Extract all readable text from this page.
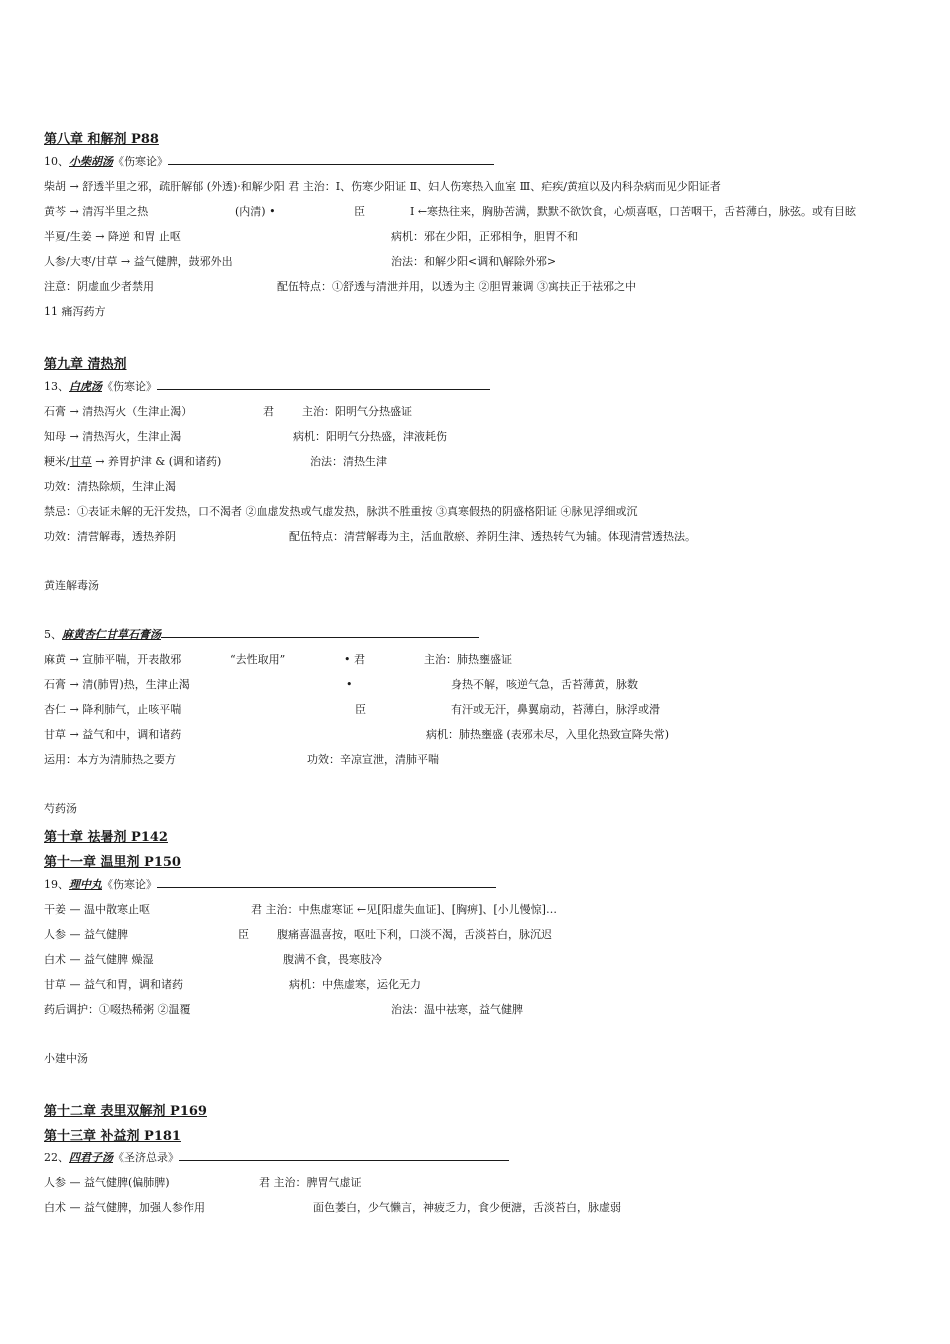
第八章 和解剂 P88
10、小柴胡汤《伤寒论》
柴胡 → 舒透半里之邪，疏肝解郁 (外透)·和解少阳 君 主治：Ⅰ、伤寒少阳证 Ⅱ、妇人伤寒热入血室 Ⅲ、疟疾/黄疸以及内科杂病而见少阳证者
黄芩 → 清泻半里之热	(内清) •	臣	Ⅰ ←寒热往来，胸胁苦满，默默不欲饮食，心烦喜呕，口苦咽干，舌苔薄白，脉弦。或有目眩
半夏/生姜 → 降逆 和胃 止呕	病机：邪在少阳，正邪相争，胆胃不和
人参/大枣/甘草 → 益气健脾，鼓邪外出	治法：和解少阳<调和\解除外邪>
注意：阴虚血少者禁用	配伍特点：①舒透与清泄并用，以透为主 ②胆胃兼调 ③寓扶正于祛邪之中
11 痛泻药方
第九章 清热剂
13、白虎汤《伤寒论》
石膏 → 清热泻火（生津止渴）	君	主治：阳明气分热盛证
知母 → 清热泻火，生津止渴	病机：阳明气分热盛，津液耗伤
粳米/甘草 → 养胃护津 & (调和诸药)	治法：清热生津
功效：清热除烦，生津止渴
禁忌：①表证未解的无汗发热，口不渴者 ②血虚发热或气虚发热，脉洪不胜重按 ③真寒假热的阴盛格阳证 ④脉见浮细或沉
功效：清营解毒，透热养阴	配伍特点：清营解毒为主，活血散瘀、养阴生津、透热转气为辅。体现清营透热法。
黄连解毒汤
5、麻黄杏仁甘草石膏汤
麻黄 → 宣肺平喘，开表散邪	“去性取用”	• 君	主治：肺热壅盛证
石膏 → 清(肺胃)热，生津止渴	•	身热不解，咳逆气急，舌苔薄黄，脉数
杏仁 → 降利肺气，止咳平喘	臣	有汗或无汗，鼻翼扇动，苔薄白，脉浮或滑
甘草 → 益气和中，调和诸药	病机：肺热壅盛 (表邪未尽，入里化热致宣降失常)
运用：本方为清肺热之要方	功效：辛凉宣泄，清肺平喘
芍药汤
第十章 祛暑剂 P142
第十一章 温里剂 P150
19、理中丸《伤寒论》
干姜 — 温中散寒止呕	君 主治：中焦虚寒证 ←见[阳虚失血证]、[胸痹]、[小儿慢惊]…
人参 — 益气健脾	臣	腹痛喜温喜按，呕吐下利，口淡不渴，舌淡苔白，脉沉迟
白术 — 益气健脾 燥湿	腹满不食，畏寒肢冷
甘草 — 益气和胃，调和诸药	病机：中焦虚寒，运化无力
药后调护：①啜热稀粥 ②温覆	治法：温中祛寒，益气健脾
小建中汤
第十二章 表里双解剂 P169
第十三章 补益剂 P181
22、四君子汤《圣济总录》
人参 — 益气健脾(偏肺脾)	君 主治：脾胃气虚证
白术 — 益气健脾，加强人参作用	面色萎白，少气懒言，神疲乏力，食少便溏，舌淡苔白，脉虚弱
